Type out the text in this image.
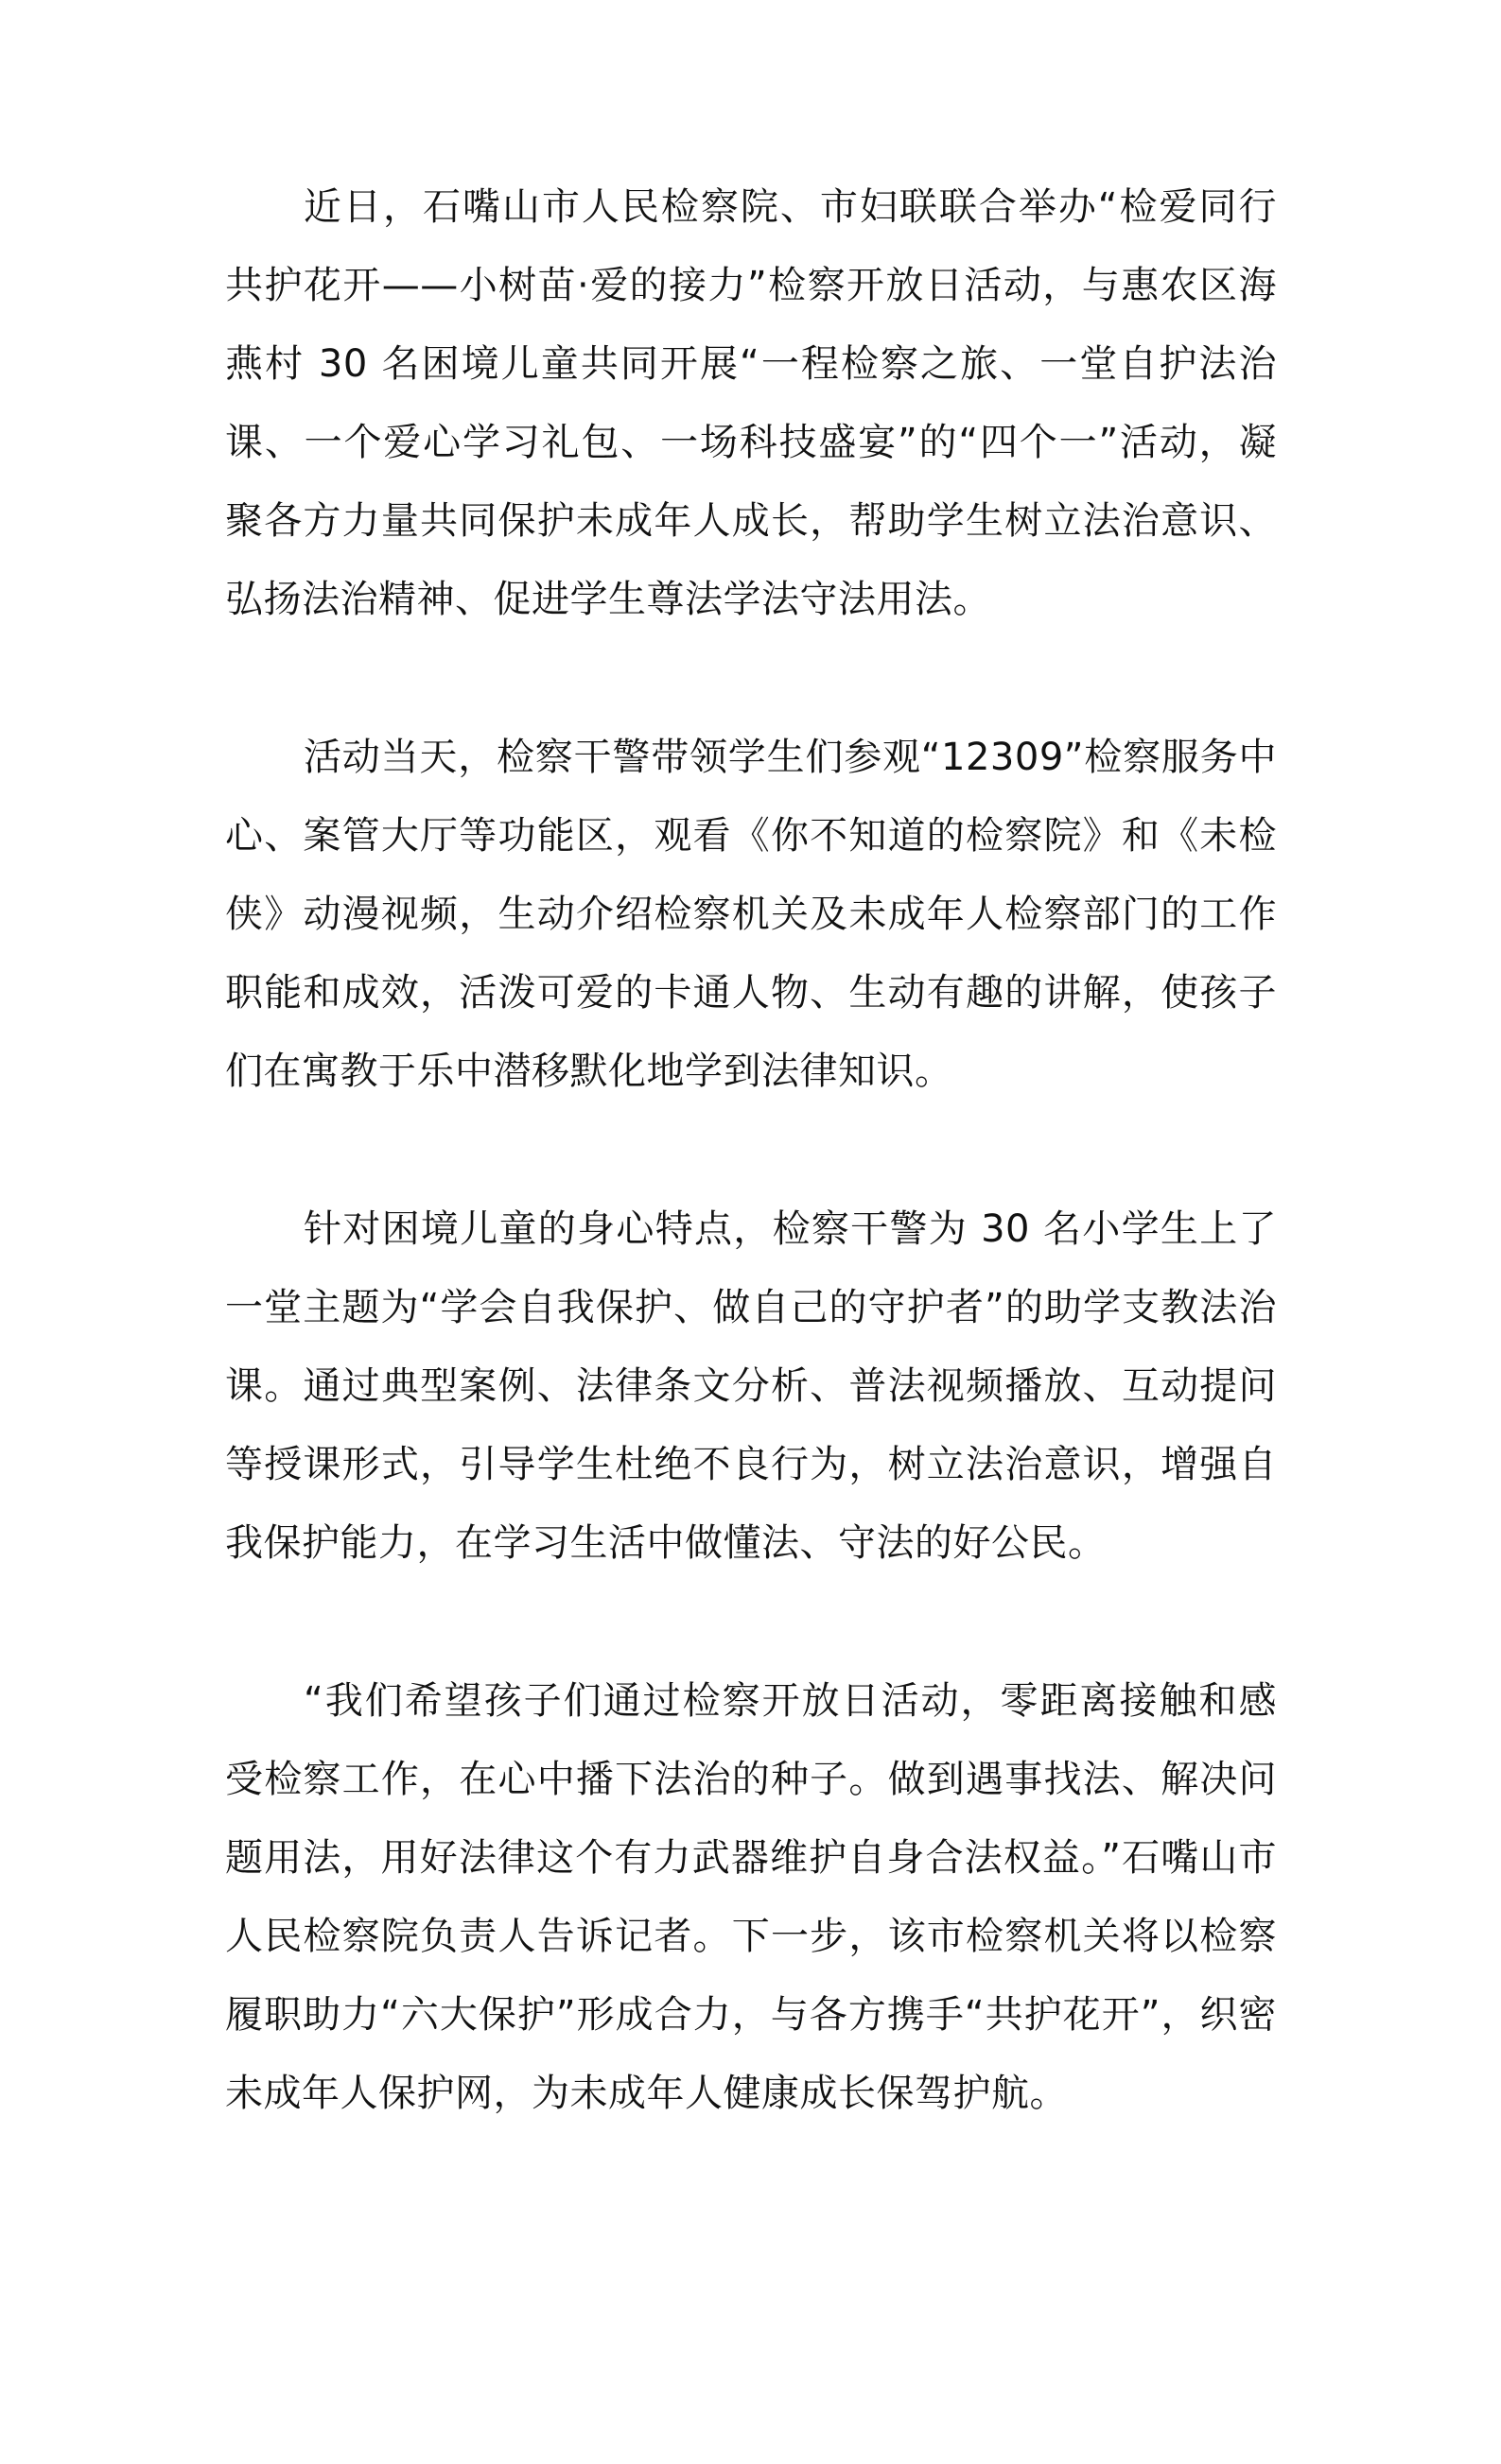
近日，石嘴山市人民检察院、市妇联联合举办“检爱同行　共护花开——小树苗·爱的接力”检察开放日活动，与惠农区海燕村 30 名困境儿童共同开展“一程检察之旅、一堂自护法治课、一个爱心学习礼包、一场科技盛宴”的“四个一”活动，凝聚各方力量共同保护未成年人成长，帮助学生树立法治意识、弘扬法治精神、促进学生尊法学法守法用法。

活动当天，检察干警带领学生们参观“12309”检察服务中心、案管大厅等功能区，观看《你不知道的检察院》和《未检侠》动漫视频，生动介绍检察机关及未成年人检察部门的工作职能和成效，活泼可爱的卡通人物、生动有趣的讲解，使孩子们在寓教于乐中潜移默化地学到法律知识。

针对困境儿童的身心特点，检察干警为 30 名小学生上了一堂主题为“学会自我保护、做自己的守护者”的助学支教法治课。通过典型案例、法律条文分析、普法视频播放、互动提问等授课形式，引导学生杜绝不良行为，树立法治意识，增强自我保护能力，在学习生活中做懂法、守法的好公民。

“我们希望孩子们通过检察开放日活动，零距离接触和感受检察工作，在心中播下法治的种子。做到遇事找法、解决问题用法，用好法律这个有力武器维护自身合法权益。”石嘴山市人民检察院负责人告诉记者。下一步，该市检察机关将以检察履职助力“六大保护”形成合力，与各方携手“共护花开”，织密未成年人保护网，为未成年人健康成长保驾护航。
